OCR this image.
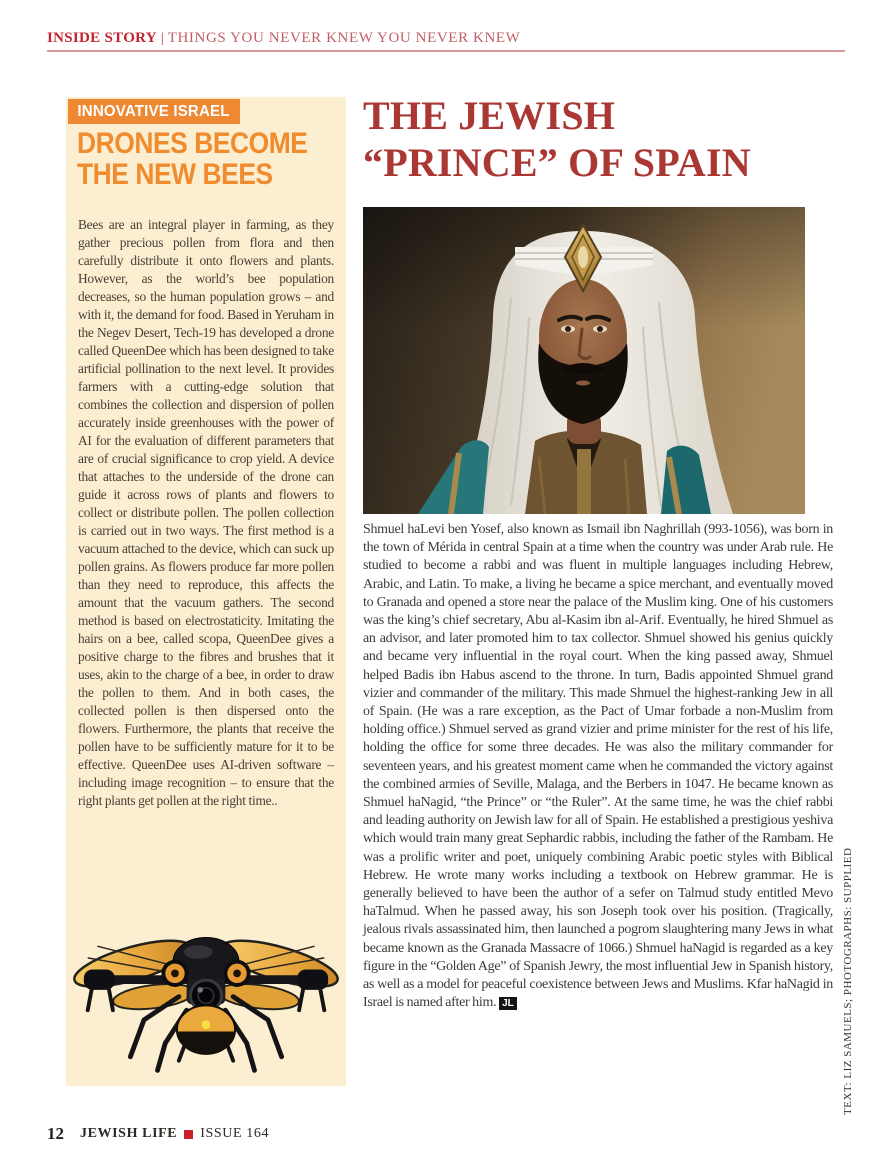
INSIDE STORY | THINGS YOU NEVER KNEW YOU NEVER KNEW
INNOVATIVE ISRAEL
DRONES BECOME
THE NEW BEES

Bees are an integral player in farming, as they gather precious pollen from flora and then carefully distribute it onto flowers and plants. However, as the world’s bee population decreases, so the human population grows – and with it, the demand for food. Based in Yeruham in the Negev Desert, Tech-19 has developed a drone called QueenDee which has been designed to take artificial pollination to the next level. It provides farmers with a cutting-edge solution that combines the collection and dispersion of pollen accurately inside greenhouses with the power of AI for the evaluation of different parameters that are of crucial significance to crop yield. A device that attaches to the underside of the drone can guide it across rows of plants and flowers to collect or distribute pollen. The pollen collection is carried out in two ways. The first method is a vacuum attached to the device, which can suck up pollen grains. As flowers produce far more pollen than they need to reproduce, this affects the amount that the vacuum gathers. The second method is based on electrostaticity. Imitating the hairs on a bee, called scopa, QueenDee gives a positive charge to the fibres and brushes that it uses, akin to the charge of a bee, in order to draw the pollen to them. And in both cases, the collected pollen is then dispersed onto the flowers. Furthermore, the plants that receive the pollen have to be sufficiently mature for it to be effective. QueenDee uses AI-driven software – including image recognition – to ensure that the right plants get pollen at the right time..

THE JEWISH
“PRINCE” OF SPAIN

Shmuel haLevi ben Yosef, also known as Ismail ibn Naghrillah (993-1056), was born in the town of Mérida in central Spain at a time when the country was under Arab rule. He studied to become a rabbi and was fluent in multiple languages including Hebrew, Arabic, and Latin. To make, a living he became a spice merchant, and eventually moved to Granada and opened a store near the palace of the Muslim king. One of his customers was the king’s chief secretary, Abu al-Kasim ibn al-Arif. Eventually, he hired Shmuel as an advisor, and later promoted him to tax collector. Shmuel showed his genius quickly and became very influential in the royal court. When the king passed away, Shmuel helped Badis ibn Habus ascend to the throne. In turn, Badis appointed Shmuel grand vizier and commander of the military. This made Shmuel the highest-ranking Jew in all of Spain. (He was a rare exception, as the Pact of Umar forbade a non-Muslim from holding office.) Shmuel served as grand vizier and prime minister for the rest of his life, holding the office for some three decades. He was also the military commander for seventeen years, and his greatest moment came when he commanded the victory against the combined armies of Seville, Malaga, and the Berbers in 1047. He became known as Shmuel haNagid, “the Prince” or “the Ruler”. At the same time, he was the chief rabbi and leading authority on Jewish law for all of Spain. He established a prestigious yeshiva which would train many great Sephardic rabbis, including the father of the Rambam. He was a prolific writer and poet, uniquely combining Arabic poetic styles with Biblical Hebrew. He wrote many works including a textbook on Hebrew grammar. He is generally believed to have been the author of a sefer on Talmud study entitled Mevo haTalmud. When he passed away, his son Joseph took over his position. (Tragically, jealous rivals assassinated him, then launched a pogrom slaughtering many Jews in what became known as the Granada Massacre of 1066.) Shmuel haNagid is regarded as a key figure in the “Golden Age” of Spanish Jewry, the most influential Jew in Spanish history, as well as a model for peaceful coexistence between Jews and Muslims. Kfar haNagid in Israel is named after him. JL	TEXT: LIZ SAMUELS; PHOTOGRAPHS: SUPPLIED
12 JEWISH LIFE ISSUE 164
